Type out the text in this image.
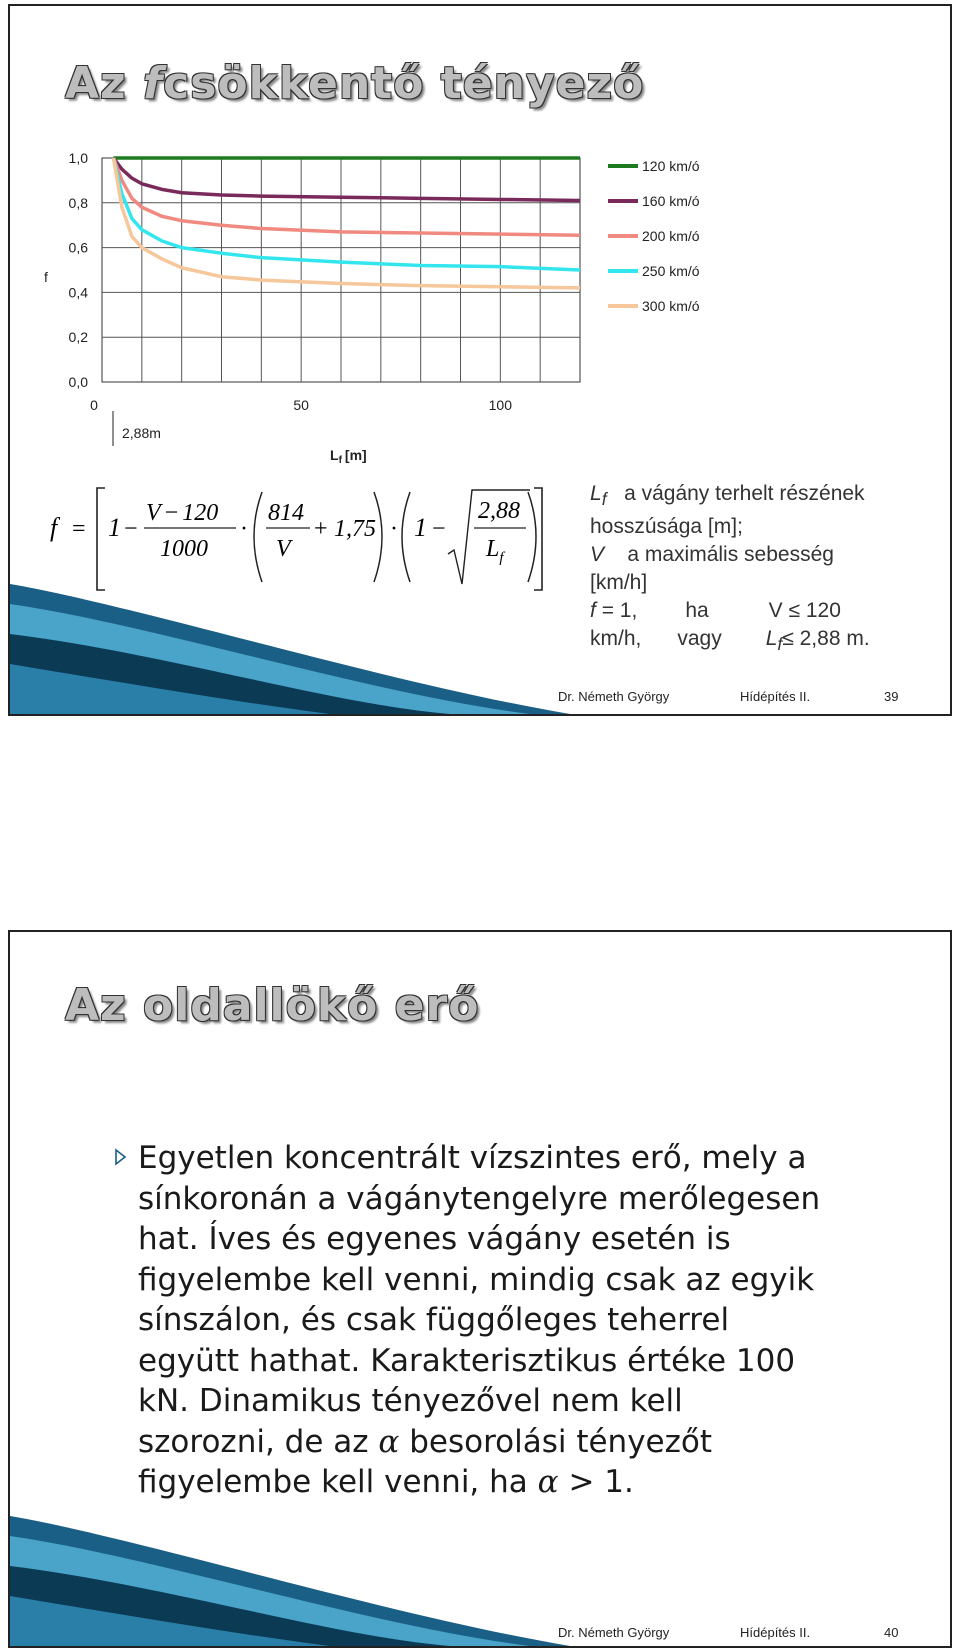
Az fcsökkentő tényező
1,0
0,8
0,6
0,4
0,2
0,0
0	50	100
120 km/ó
160 km/ó
200 km/ó
250 km/ó
300 km/ó
f
$L_f$ [m]
2,88m
f = 1 −
V − 120
1000
·
814
V
+ 1,75 · 1 −
2,88
$L_f$
$L_f$ a vágány terhelt részének
hosszúsága [m];
V a maximális sebesség
[km/h]
f = 1, ha	V ≤ 120
km/h, vagy $L_f\le 2,88$ m.
Dr. Németh György	Hídépítés II.	39
Az oldallökő erő
Egyetlen koncentrált vízszintes erő, mely a
sínkoronán a vágánytengelyre merőlegesen
hat. Íves és egyenes vágány esetén is
figyelembe kell venni, mindig csak az egyik
sínszálon, és csak függőleges teherrel
együtt hathat. Karakterisztikus értéke 100
kN. Dinamikus tényezővel nem kell
szorozni, de az α besorolási tényezőt
figyelembe kell venni, ha α > 1.
Dr. Németh György	Hídépítés II.	40
